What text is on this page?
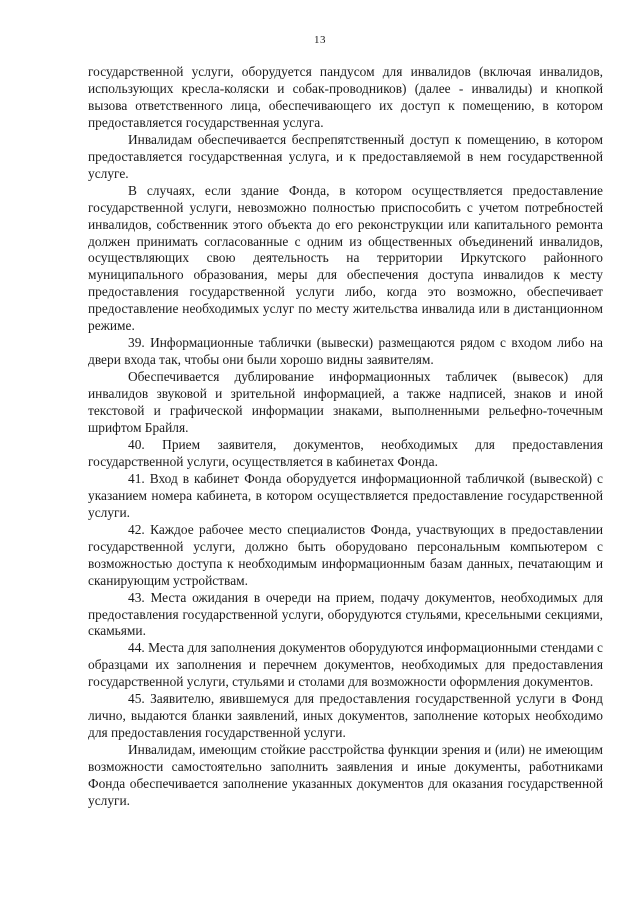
13

государственной услуги, оборудуется пандусом для инвалидов (включая инвалидов, использующих кресла-коляски и собак-проводников) (далее - инвалиды) и кнопкой вызова ответственного лица, обеспечивающего их доступ к помещению, в котором предоставляется государственная услуга.

Инвалидам обеспечивается беспрепятственный доступ к помещению, в котором предоставляется государственная услуга, и к предоставляемой в нем государственной услуге.

В случаях, если здание Фонда, в котором осуществляется предоставление государственной услуги, невозможно полностью приспособить с учетом потребностей инвалидов, собственник этого объекта до его реконструкции или капитального ремонта должен принимать согласованные с одним из общественных объединений инвалидов, осуществляющих свою деятельность на территории Иркутского районного муниципального образования, меры для обеспечения доступа инвалидов к месту предоставления государственной услуги либо, когда это возможно, обеспечивает предоставление необходимых услуг по месту жительства инвалида или в дистанционном режиме.

39. Информационные таблички (вывески) размещаются рядом с входом либо на двери входа так, чтобы они были хорошо видны заявителям.

Обеспечивается дублирование информационных табличек (вывесок) для инвалидов звуковой и зрительной информацией, а также надписей, знаков и иной текстовой и графической информации знаками, выполненными рельефно-точечным шрифтом Брайля.

40. Прием заявителя, документов, необходимых для предоставления государственной услуги, осуществляется в кабинетах Фонда.

41. Вход в кабинет Фонда оборудуется информационной табличкой (вывеской) с указанием номера кабинета, в котором осуществляется предоставление государственной услуги.

42. Каждое рабочее место специалистов Фонда, участвующих в предоставлении государственной услуги, должно быть оборудовано персональным компьютером с возможностью доступа к необходимым информационным базам данных, печатающим и сканирующим устройствам.

43. Места ожидания в очереди на прием, подачу документов, необходимых для предоставления государственной услуги, оборудуются стульями, кресельными секциями, скамьями.

44. Места для заполнения документов оборудуются информационными стендами с образцами их заполнения и перечнем документов, необходимых для предоставления государственной услуги, стульями и столами для возможности оформления документов.

45. Заявителю, явившемуся для предоставления государственной услуги в Фонд лично, выдаются бланки заявлений, иных документов, заполнение которых необходимо для предоставления государственной услуги.

Инвалидам, имеющим стойкие расстройства функции зрения и (или) не имеющим возможности самостоятельно заполнить заявления и иные документы, работниками Фонда обеспечивается заполнение указанных документов для оказания государственной услуги.
